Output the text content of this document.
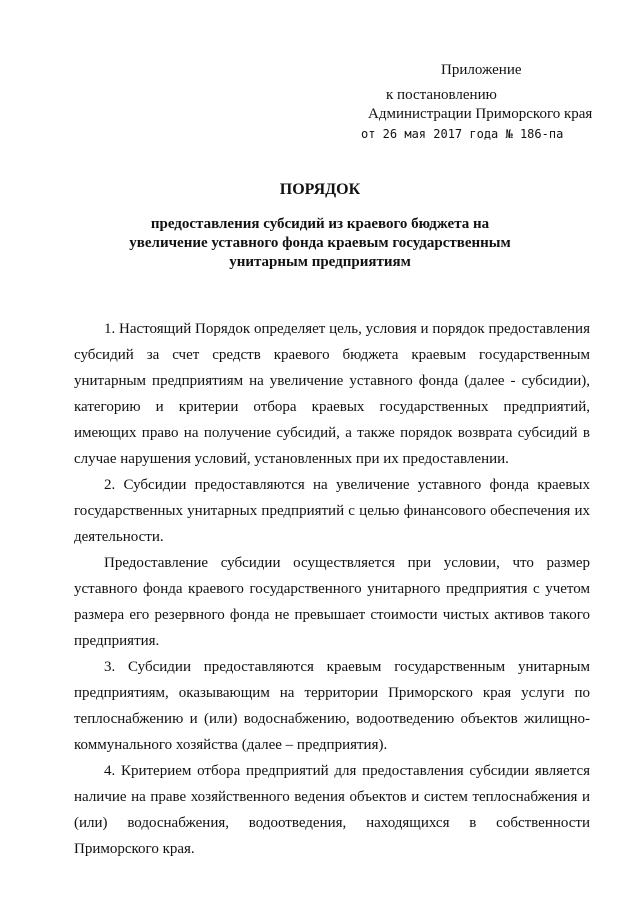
Приложение
к постановлению
Администрации Приморского края
от 26 мая 2017 года № 186-па
ПОРЯДОК
предоставления субсидий из краевого бюджета на
увеличение уставного фонда краевым государственным
унитарным предприятиям
1. Настоящий Порядок определяет цель, условия и порядок предоставления
субсидий за счет средств краевого бюджета краевым государственным
унитарным предприятиям на увеличение уставного фонда (далее - субсидии),
категорию и критерии отбора краевых государственных предприятий,
имеющих право на получение субсидий, а также порядок возврата субсидий в
случае нарушения условий, установленных при их предоставлении.
2. Субсидии предоставляются на увеличение уставного фонда краевых
государственных унитарных предприятий с целью финансового обеспечения их
деятельности.
Предоставление субсидии осуществляется при условии, что размер
уставного фонда краевого государственного унитарного предприятия с учетом
размера его резервного фонда не превышает стоимости чистых активов такого
предприятия.
3. Субсидии предоставляются краевым государственным унитарным
предприятиям, оказывающим на территории Приморского края услуги по
теплоснабжению и (или) водоснабжению, водоотведению объектов жилищно-
коммунального хозяйства (далее – предприятия).
4. Критерием отбора предприятий для предоставления субсидии является
наличие на праве хозяйственного ведения объектов и систем теплоснабжения и
(или) водоснабжения, водоотведения, находящихся в собственности
Приморского края.
